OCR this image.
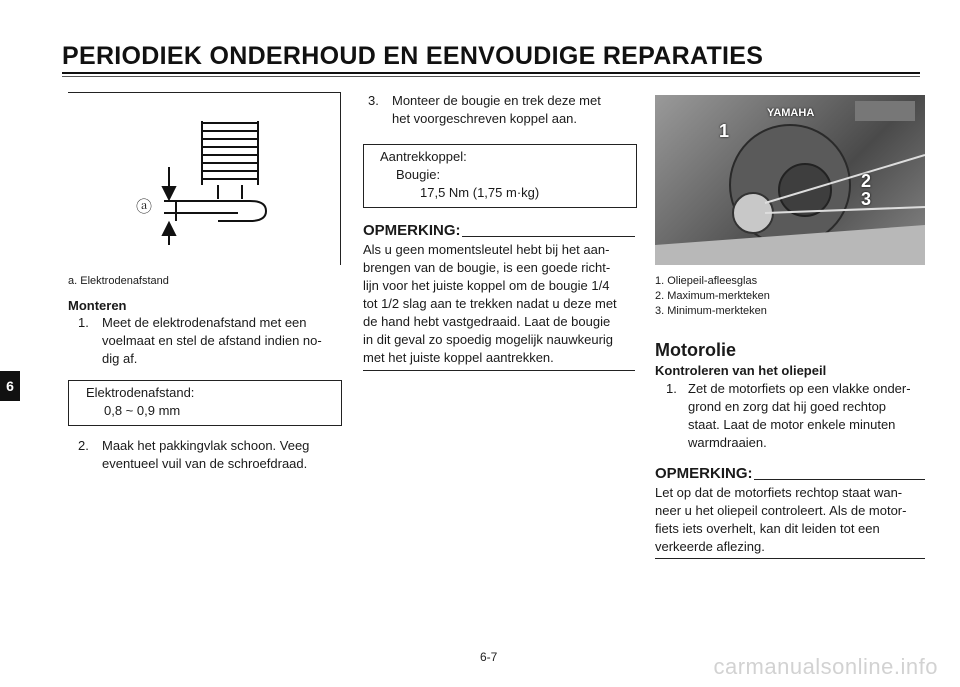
PERIODIEK ONDERHOUD EN EENVOUDIGE REPARATIES
6
ⓐ
a. Elektrodenafstand
Monteren
1. Meet de elektrodenafstand met een
voelmaat en stel de afstand indien no-
dig af.
Elektrodenafstand:
0,8 ~ 0,9 mm
2. Maak het pakkingvlak schoon. Veeg
eventueel vuil van de schroefdraad.
3. Monteer de bougie en trek deze met
het voorgeschreven koppel aan.
Aantrekkoppel:
Bougie:
17,5 Nm (1,75 m·kg)
OPMERKING:
Als u geen momentsleutel hebt bij het aan-
brengen van de bougie, is een goede richt-
lijn voor het juiste koppel om de bougie 1/4
tot 1/2 slag aan te trekken nadat u deze met
de hand hebt vastgedraaid. Laat de bougie
in dit geval zo spoedig mogelijk nauwkeurig
met het juiste koppel aantrekken.
YAMAHA
1
2
3
1. Oliepeil-afleesglas
2. Maximum-merkteken
3. Minimum-merkteken
Motorolie
Kontroleren van het oliepeil
1. Zet de motorfiets op een vlakke onder-
grond en zorg dat hij goed rechtop
staat. Laat de motor enkele minuten
warmdraaien.
OPMERKING:
Let op dat de motorfiets rechtop staat wan-
neer u het oliepeil controleert. Als de motor-
fiets iets overhelt, kan dit leiden tot een
verkeerde aflezing.
6-7	carmanualsonline.info
